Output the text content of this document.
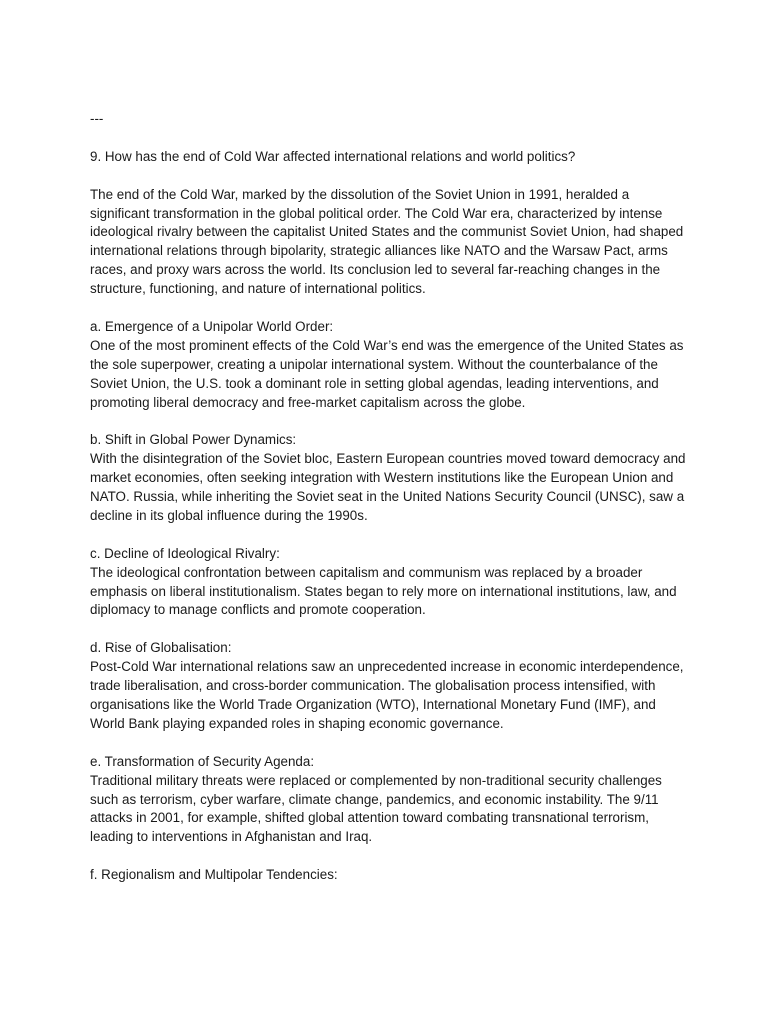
---

9. How has the end of Cold War affected international relations and world politics?

The end of the Cold War, marked by the dissolution of the Soviet Union in 1991, heralded a significant transformation in the global political order. The Cold War era, characterized by intense ideological rivalry between the capitalist United States and the communist Soviet Union, had shaped international relations through bipolarity, strategic alliances like NATO and the Warsaw Pact, arms races, and proxy wars across the world. Its conclusion led to several far-reaching changes in the structure, functioning, and nature of international politics.

a. Emergence of a Unipolar World Order:

One of the most prominent effects of the Cold War’s end was the emergence of the United States as the sole superpower, creating a unipolar international system. Without the counterbalance of the Soviet Union, the U.S. took a dominant role in setting global agendas, leading interventions, and promoting liberal democracy and free-market capitalism across the globe.

b. Shift in Global Power Dynamics:

With the disintegration of the Soviet bloc, Eastern European countries moved toward democracy and market economies, often seeking integration with Western institutions like the European Union and NATO. Russia, while inheriting the Soviet seat in the United Nations Security Council (UNSC), saw a decline in its global influence during the 1990s.

c. Decline of Ideological Rivalry:

The ideological confrontation between capitalism and communism was replaced by a broader emphasis on liberal institutionalism. States began to rely more on international institutions, law, and diplomacy to manage conflicts and promote cooperation.

d. Rise of Globalisation:

Post-Cold War international relations saw an unprecedented increase in economic interdependence, trade liberalisation, and cross-border communication. The globalisation process intensified, with organisations like the World Trade Organization (WTO), International Monetary Fund (IMF), and World Bank playing expanded roles in shaping economic governance.

e. Transformation of Security Agenda:

Traditional military threats were replaced or complemented by non-traditional security challenges such as terrorism, cyber warfare, climate change, pandemics, and economic instability. The 9/11 attacks in 2001, for example, shifted global attention toward combating transnational terrorism, leading to interventions in Afghanistan and Iraq.

f. Regionalism and Multipolar Tendencies:
